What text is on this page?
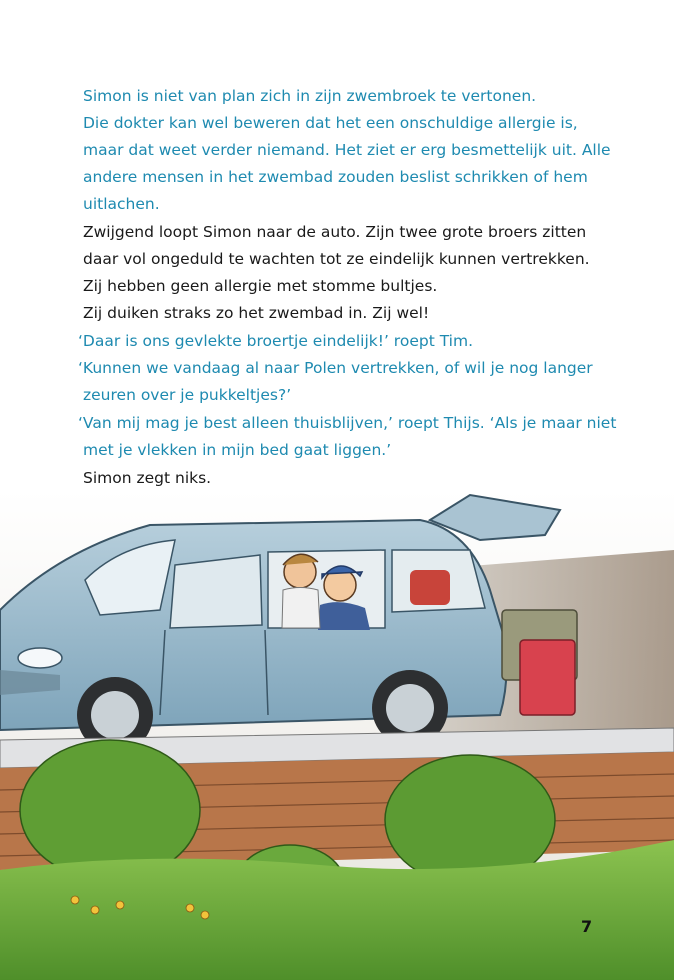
Simon is niet van plan zich in zijn zwembroek te vertonen.
Die dokter kan wel beweren dat het een onschuldige allergie is,
maar dat weet verder niemand. Het ziet er erg besmettelijk uit. Alle
andere mensen in het zwembad zouden beslist schrikken of hem
uitlachen.
Zwijgend loopt Simon naar de auto. Zijn twee grote broers zitten
daar vol ongeduld te wachten tot ze eindelijk kunnen vertrekken.
Zij hebben geen allergie met stomme bultjes.
Zij duiken straks zo het zwembad in. Zij wel!
‘Daar is ons gevlekte broertje eindelijk!’ roept Tim.
‘Kunnen we vandaag al naar Polen vertrekken, of wil je nog langer
zeuren over je pukkeltjes?’
‘Van mij mag je best alleen thuisblijven,’ roept Thijs. ‘Als je maar niet
met je vlekken in mijn bed gaat liggen.’
Simon zegt niks.
7
